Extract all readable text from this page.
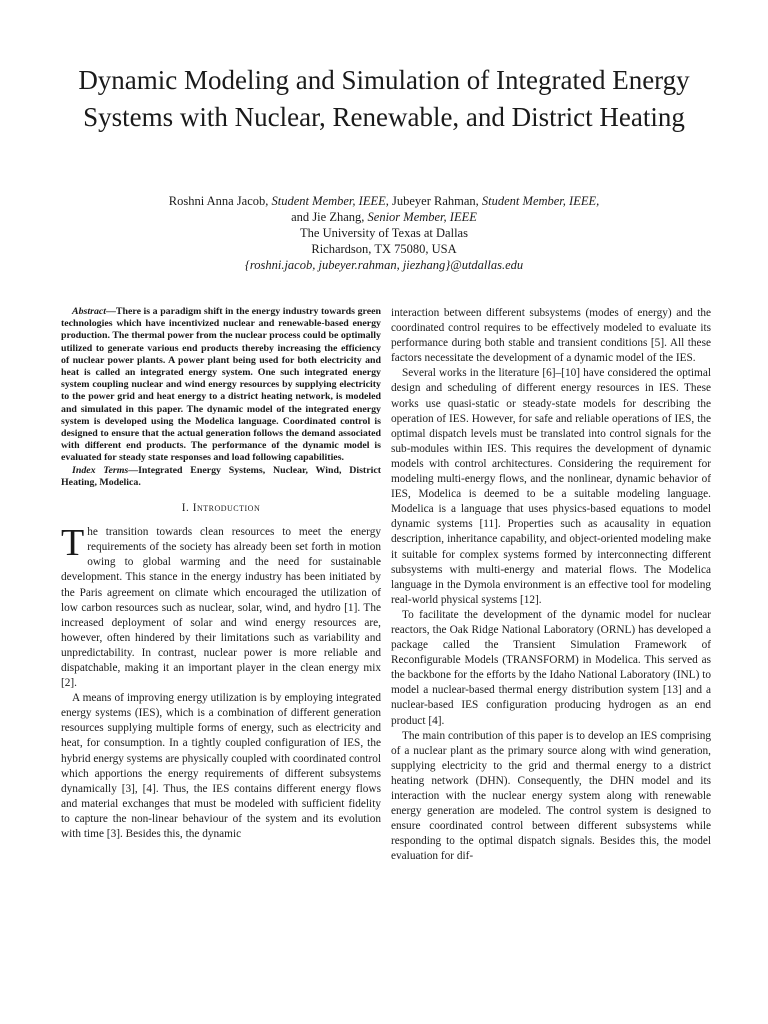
Dynamic Modeling and Simulation of Integrated Energy Systems with Nuclear, Renewable, and District Heating
Roshni Anna Jacob, Student Member, IEEE, Jubeyer Rahman, Student Member, IEEE,
and Jie Zhang, Senior Member, IEEE
The University of Texas at Dallas
Richardson, TX 75080, USA
{roshni.jacob, jubeyer.rahman, jiezhang}@utdallas.edu

Abstract—There is a paradigm shift in the energy industry towards green technologies which have incentivized nuclear and renewable-based energy production. The thermal power from the nuclear process could be optimally utilized to generate various end products thereby increasing the efficiency of nuclear power plants. A power plant being used for both electricity and heat is called an integrated energy system. One such integrated energy system coupling nuclear and wind energy resources by supplying electricity to the power grid and heat energy to a district heating network, is modeled and simulated in this paper. The dynamic model of the integrated energy system is developed using the Modelica language. Coordinated control is designed to ensure that the actual generation follows the demand associated with different end products. The performance of the dynamic model is evaluated for steady state responses and load following capabilities.

Index Terms—Integrated Energy Systems, Nuclear, Wind, District Heating, Modelica.

I. Introduction

The transition towards clean resources to meet the energy requirements of the society has already been set forth in motion owing to global warming and the need for sustainable development. This stance in the energy industry has been initiated by the Paris agreement on climate which encouraged the utilization of low carbon resources such as nuclear, solar, wind, and hydro [1]. The increased deployment of solar and wind energy resources are, however, often hindered by their limitations such as variability and unpredictability. In contrast, nuclear power is more reliable and dispatchable, making it an important player in the clean energy mix [2].

A means of improving energy utilization is by employing integrated energy systems (IES), which is a combination of different generation resources supplying multiple forms of energy, such as electricity and heat, for consumption. In a tightly coupled configuration of IES, the hybrid energy systems are physically coupled with coordinated control which apportions the energy requirements of different subsystems dynamically [3], [4]. Thus, the IES contains different energy flows and material exchanges that must be modeled with sufficient fidelity to capture the non-linear behaviour of the system and its evolution with time [3]. Besides this, the dynamic

interaction between different subsystems (modes of energy) and the coordinated control requires to be effectively modeled to evaluate its performance during both stable and transient conditions [5]. All these factors necessitate the development of a dynamic model of the IES.

Several works in the literature [6]–[10] have considered the optimal design and scheduling of different energy resources in IES. These works use quasi-static or steady-state models for describing the operation of IES. However, for safe and reliable operations of IES, the optimal dispatch levels must be translated into control signals for the sub-modules within IES. This requires the development of dynamic models with control architectures. Considering the requirement for modeling multi-energy flows, and the nonlinear, dynamic behavior of IES, Modelica is deemed to be a suitable modeling language. Modelica is a language that uses physics-based equations to model dynamic systems [11]. Properties such as acausality in equation description, inheritance capability, and object-oriented modeling make it suitable for complex systems formed by interconnecting different subsystems with multi-energy and material flows. The Modelica language in the Dymola environment is an effective tool for modeling real-world physical systems [12].

To facilitate the development of the dynamic model for nuclear reactors, the Oak Ridge National Laboratory (ORNL) has developed a package called the Transient Simulation Framework of Reconfigurable Models (TRANSFORM) in Modelica. This served as the backbone for the efforts by the Idaho National Laboratory (INL) to model a nuclear-based thermal energy distribution system [13] and a nuclear-based IES configuration producing hydrogen as an end product [4].

The main contribution of this paper is to develop an IES comprising of a nuclear plant as the primary source along with wind generation, supplying electricity to the grid and thermal energy to a district heating network (DHN). Consequently, the DHN model and its interaction with the nuclear energy system along with renewable energy generation are modeled. The control system is designed to ensure coordinated control between different subsystems while responding to the optimal dispatch signals. Besides this, the model evaluation for dif-
